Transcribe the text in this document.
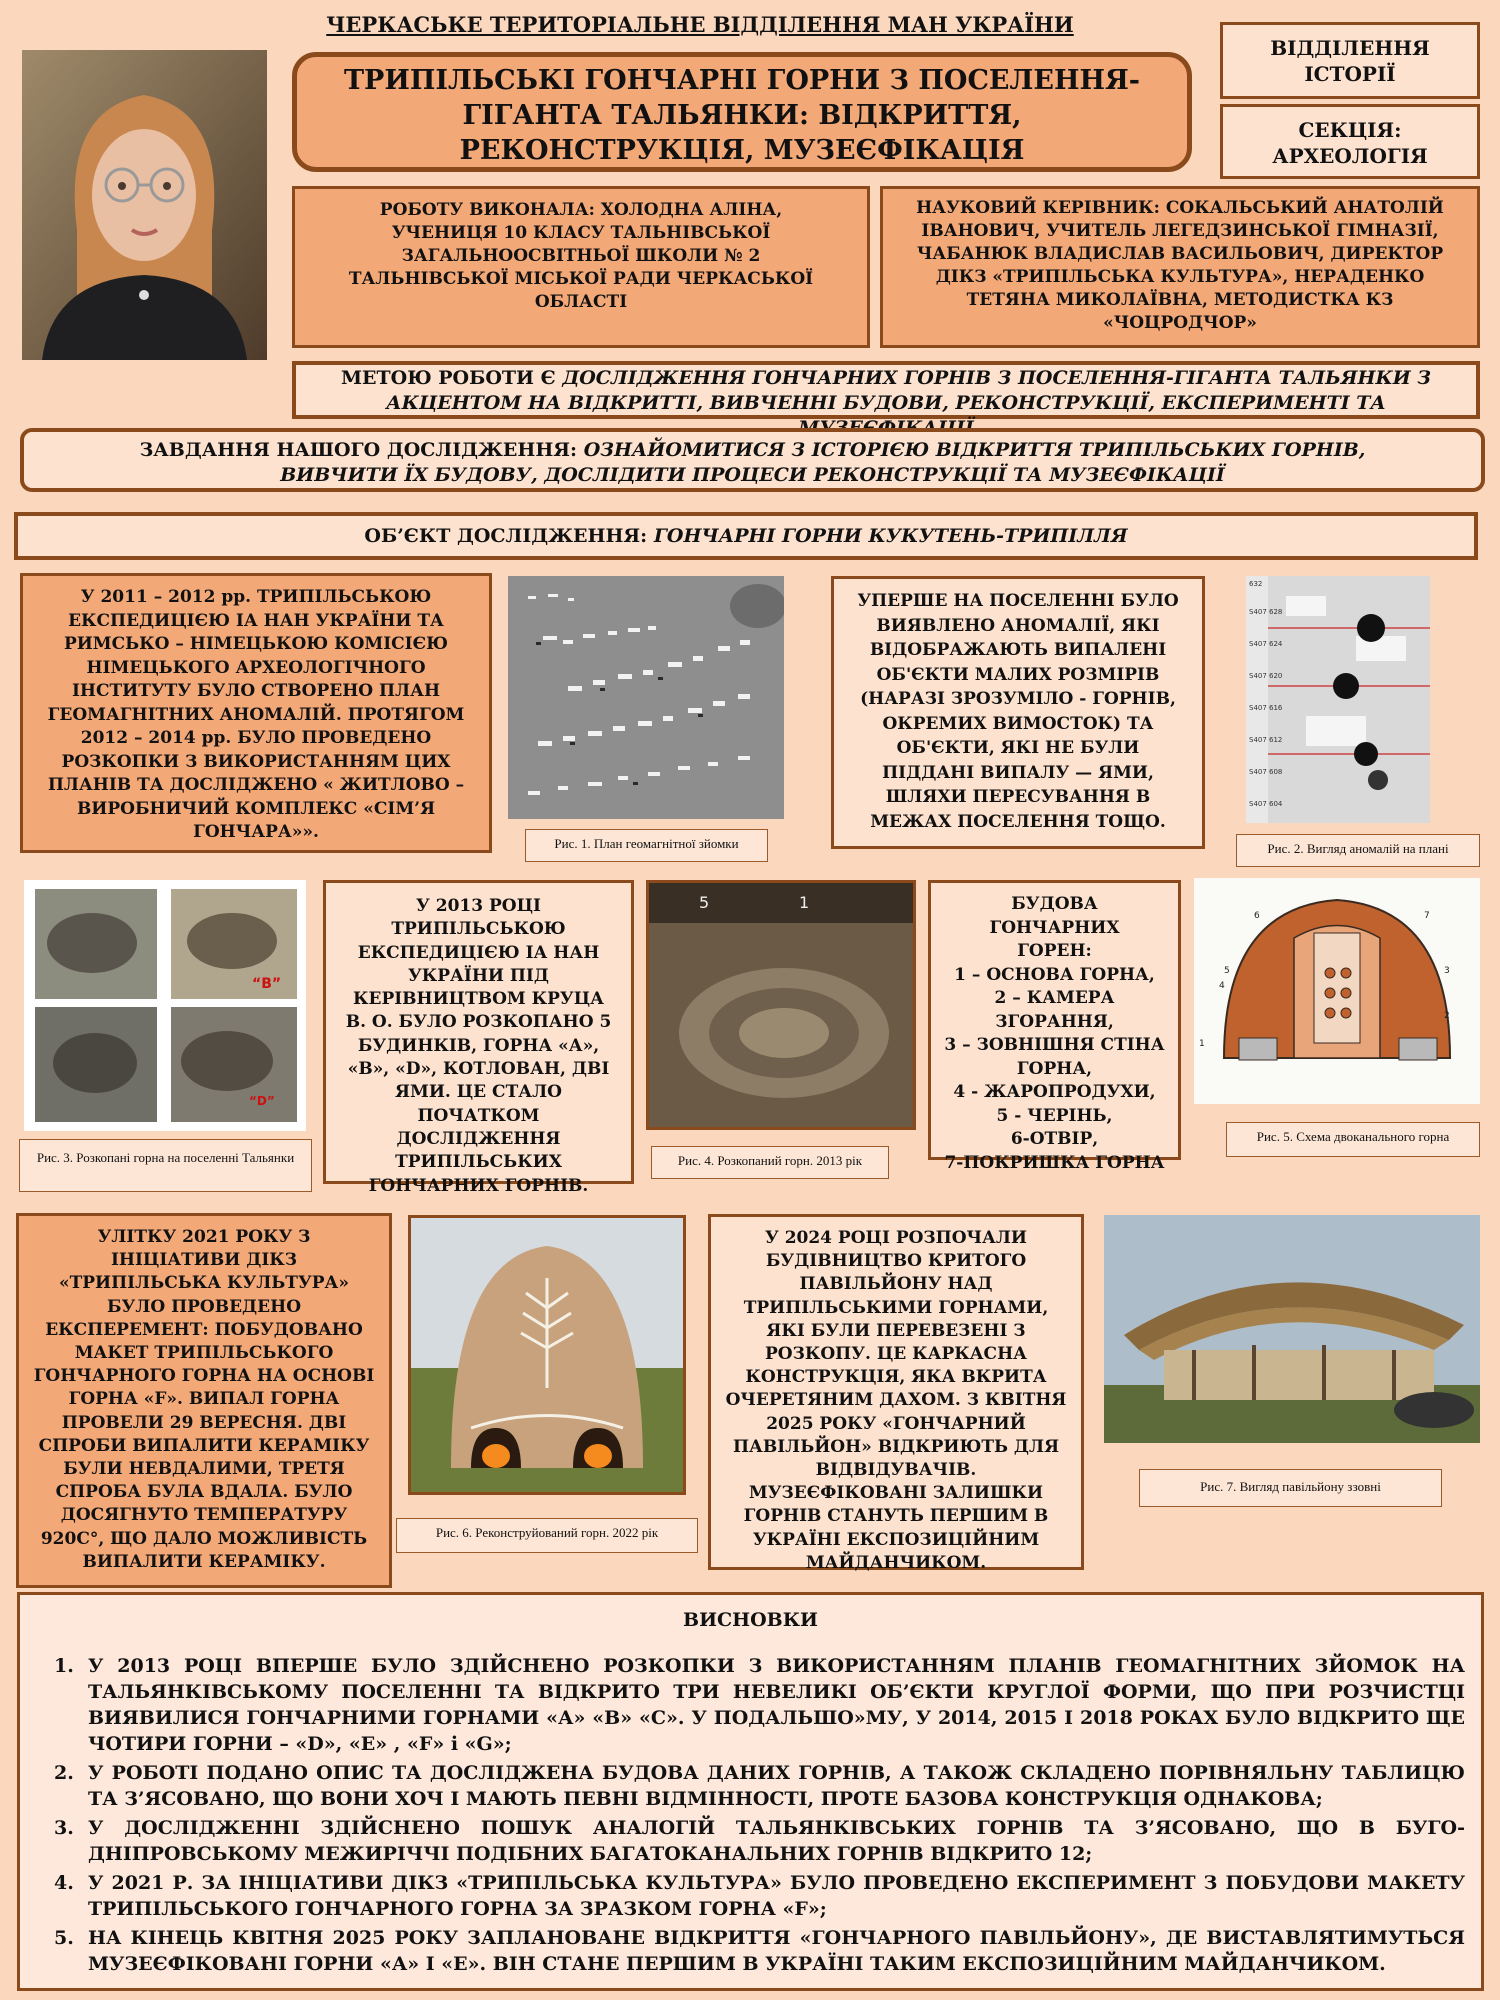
ЧЕРКАСЬКЕ ТЕРИТОРІАЛЬНЕ ВІДДІЛЕННЯ МАН УКРАЇНИ
ТРИПІЛЬСЬКІ ГОНЧАРНІ ГОРНИ З ПОСЕЛЕННЯ-ГІГАНТА ТАЛЬЯНКИ: ВІДКРИТТЯ, РЕКОНСТРУКЦІЯ, МУЗЕЄФІКАЦІЯ
ВІДДІЛЕННЯ ІСТОРІЇ
СЕКЦІЯ: АРХЕОЛОГІЯ
РОБОТУ ВИКОНАЛА: ХОЛОДНА АЛІНА, УЧЕНИЦЯ 10 КЛАСУ ТАЛЬНІВСЬКОЇ ЗАГАЛЬНООСВІТНЬОЇ ШКОЛИ № 2 ТАЛЬНІВСЬКОЇ МІСЬКОЇ РАДИ ЧЕРКАСЬКОЇ ОБЛАСТІ
НАУКОВИЙ КЕРІВНИК: СОКАЛЬСЬКИЙ АНАТОЛІЙ ІВАНОВИЧ, УЧИТЕЛЬ ЛЕГЕДЗИНСЬКОЇ ГІМНАЗІЇ, ЧАБАНЮК ВЛАДИСЛАВ ВАСИЛЬОВИЧ, ДИРЕКТОР ДІКЗ «ТРИПІЛЬСЬКА КУЛЬТУРА», НЕРАДЕНКО ТЕТЯНА МИКОЛАЇВНА, МЕТОДИСТКА КЗ «ЧОЦРОДЧОР»
МЕТОЮ РОБОТИ Є ДОСЛІДЖЕННЯ ГОНЧАРНИХ ГОРНІВ З ПОСЕЛЕННЯ-ГІГАНТА ТАЛЬЯНКИ З АКЦЕНТОМ НА ВІДКРИТТІ, ВИВЧЕННІ БУДОВИ, РЕКОНСТРУКЦІЇ, ЕКСПЕРИМЕНТІ ТА
ЗАВДАННЯ НАШОГО ДОСЛІДЖЕННЯ: ОЗНАЙОМИТИСЯ З ІСТОРІЄЮ ВІДКРИТТЯ ТРИПІЛЬСЬКИХ ГОРНІВ, ВИВЧИТИ ЇХ БУДОВУ, ДОСЛІДИТИ ПРОЦЕСИ РЕКОНСТРУКЦІЇ ТА МУЗЕЄФІКАЦІЇ
ОБ’ЄКТ ДОСЛІДЖЕННЯ: ГОНЧАРНІ ГОРНИ КУКУТЕНЬ-ТРИПІЛЛЯ
У 2011 – 2012 рр. ТРИПІЛЬСЬКОЮ ЕКСПЕДИЦІЄЮ ІА НАН УКРАЇНИ ТА РИМСЬКО – НІМЕЦЬКОЮ КОМІСІЄЮ НІМЕЦЬКОГО АРХЕОЛОГІЧНОГО ІНСТИТУТУ БУЛО СТВОРЕНО ПЛАН ГЕОМАГНІТНИХ АНОМАЛІЙ. ПРОТЯГОМ 2012 – 2014 рр. БУЛО ПРОВЕДЕНО РОЗКОПКИ З ВИКОРИСТАННЯМ ЦИХ ПЛАНІВ ТА ДОСЛІДЖЕНО « ЖИТЛОВО – ВИРОБНИЧИЙ КОМПЛЕКС «СІМ’Я ГОНЧАРА»».
Рис. 1. План геомагнітної зйомки
УПЕРШЕ НА ПОСЕЛЕННІ БУЛО ВИЯВЛЕНО АНОМАЛІЇ, ЯКІ ВІДОБРАЖАЮТЬ ВИПАЛЕНІ ОБ'ЄКТИ МАЛИХ РОЗМІРІВ (НАРАЗІ ЗРОЗУМІЛО - ГОРНІВ, ОКРЕМИХ ВИМОСТОК) ТА ОБ'ЄКТИ, ЯКІ НЕ БУЛИ ПІДДАНІ ВИПАЛУ — ЯМИ, ШЛЯХИ ПЕРЕСУВАННЯ В МЕЖАХ ПОСЕЛЕННЯ ТОЩО.
632
S407 628
S407 624
S407 620
S407 616
S407 612
S407 608
S407 604
Рис. 2. Вигляд аномалій на плані
“B”
“D”
Рис. 3. Розкопані горна на поселенні Тальянки
У 2013 РОЦІ ТРИПІЛЬСЬКОЮ ЕКСПЕДИЦІЄЮ ІА НАН УКРАЇНИ ПІД КЕРІВНИЦТВОМ КРУЦА В. О. БУЛО РОЗКОПАНО 5 БУДИНКІВ, ГОРНА «А», «В», «D», КОТЛОВАН, ДВІ ЯМИ. ЦЕ СТАЛО ПОЧАТКОМ ДОСЛІДЖЕННЯ ТРИПІЛЬСЬКИХ ГОНЧАРНИХ ГОРНІВ.
5	1
Рис. 4. Розкопаний горн. 2013 рік
БУДОВА ГОНЧАРНИХ ГОРЕН:
1 – ОСНОВА ГОРНА,
2 – КАМЕРА ЗГОРАННЯ,
3 – ЗОВНІШНЯ СТІНА ГОРНА,
4 - ЖАРОПРОДУХИ,
5 - ЧЕРІНЬ,
6-ОТВІР,
7-ПОКРИШКА ГОРНА
6	7
5
4
3
2
1
Рис. 5. Схема двоканального горна
УЛІТКУ 2021 РОКУ З ІНІЦІАТИВИ ДІКЗ «ТРИПІЛЬСЬКА КУЛЬТУРА» БУЛО ПРОВЕДЕНО ЕКСПЕРЕМЕНТ: ПОБУДОВАНО МАКЕТ ТРИПІЛЬСЬКОГО ГОНЧАРНОГО ГОРНА НА ОСНОВІ ГОРНА «F». ВИПАЛ ГОРНА ПРОВЕЛИ 29 ВЕРЕСНЯ. ДВІ СПРОБИ ВИПАЛИТИ КЕРАМІКУ БУЛИ НЕВДАЛИМИ, ТРЕТЯ СПРОБА БУЛА ВДАЛА. БУЛО ДОСЯГНУТО ТЕМПЕРАТУРУ 920С°, ЩО ДАЛО МОЖЛИВІСТЬ ВИПАЛИТИ КЕРАМІКУ.
Рис. 6. Реконструйований горн. 2022 рік
У 2024 РОЦІ РОЗПОЧАЛИ БУДІВНИЦТВО КРИТОГО ПАВІЛЬЙОНУ НАД ТРИПІЛЬСЬКИМИ ГОРНАМИ, ЯКІ БУЛИ ПЕРЕВЕЗЕНІ З РОЗКОПУ. ЦЕ КАРКАСНА КОНСТРУКЦІЯ, ЯКА ВКРИТА ОЧЕРЕТЯНИМ ДАХОМ. З КВІТНЯ 2025 РОКУ «ГОНЧАРНИЙ ПАВІЛЬЙОН» ВІДКРИЮТЬ ДЛЯ ВІДВІДУВАЧІВ. МУЗЕЄФІКОВАНІ ЗАЛИШКИ ГОРНІВ СТАНУТЬ ПЕРШИМ В УКРАЇНІ ЕКСПОЗИЦІЙНИМ МАЙДАНЧИКОМ.
Рис. 7. Вигляд павільйону ззовні
ВИСНОВКИ
1. У 2013 РОЦІ ВПЕРШЕ БУЛО ЗДІЙСНЕНО РОЗКОПКИ З ВИКОРИСТАННЯМ ПЛАНІВ ГЕОМАГНІТНИХ ЗЙОМОК НА ТАЛЬЯНКІВСЬКОМУ ПОСЕЛЕННІ ТА ВІДКРИТО ТРИ НЕВЕЛИКІ ОБ’ЄКТИ КРУГЛОЇ ФОРМИ, ЩО ПРИ РОЗЧИСТЦІ ВИЯВИЛИСЯ ГОНЧАРНИМИ ГОРНАМИ «А» «В» «С». У ПОДАЛЬШО»МУ, У 2014, 2015 І 2018 РОКАХ БУЛО ВІДКРИТО ЩЕ ЧОТИРИ ГОРНИ – «D», «E» , «F» і «G»;
2. У РОБОТІ ПОДАНО ОПИС ТА ДОСЛІДЖЕНА БУДОВА ДАНИХ ГОРНІВ, А ТАКОЖ СКЛАДЕНО ПОРІВНЯЛЬНУ ТАБЛИЦЮ ТА З’ЯСОВАНО, ЩО ВОНИ ХОЧ І МАЮТЬ ПЕВНІ ВІДМІННОСТІ, ПРОТЕ БАЗОВА КОНСТРУКЦІЯ ОДНАКОВА;
3. У ДОСЛІДЖЕННІ ЗДІЙСНЕНО ПОШУК АНАЛОГІЙ ТАЛЬЯНКІВСЬКИХ ГОРНІВ ТА З’ЯСОВАНО, ЩО В БУГО-ДНІПРОВСЬКОМУ МЕЖИРІЧЧІ ПОДІБНИХ БАГАТОКАНАЛЬНИХ ГОРНІВ ВІДКРИТО 12;
4. У 2021 Р. ЗА ІНІЦІАТИВИ ДІКЗ «ТРИПІЛЬСЬКА КУЛЬТУРА» БУЛО ПРОВЕДЕНО ЕКСПЕРИМЕНТ З ПОБУДОВИ МАКЕТУ ТРИПІЛЬСЬКОГО ГОНЧАРНОГО ГОРНА ЗА ЗРАЗКОМ ГОРНА «F»;
5. НА КІНЕЦЬ КВІТНЯ 2025 РОКУ ЗАПЛАНОВАНЕ ВІДКРИТТЯ «ГОНЧАРНОГО ПАВІЛЬЙОНУ», ДЕ ВИСТАВЛЯТИМУТЬСЯ МУЗЕЄФІКОВАНІ ГОРНИ «А» І «Е». ВІН СТАНЕ ПЕРШИМ В УКРАЇНІ ТАКИМ ЕКСПОЗИЦІЙНИМ МАЙДАНЧИКОМ.
